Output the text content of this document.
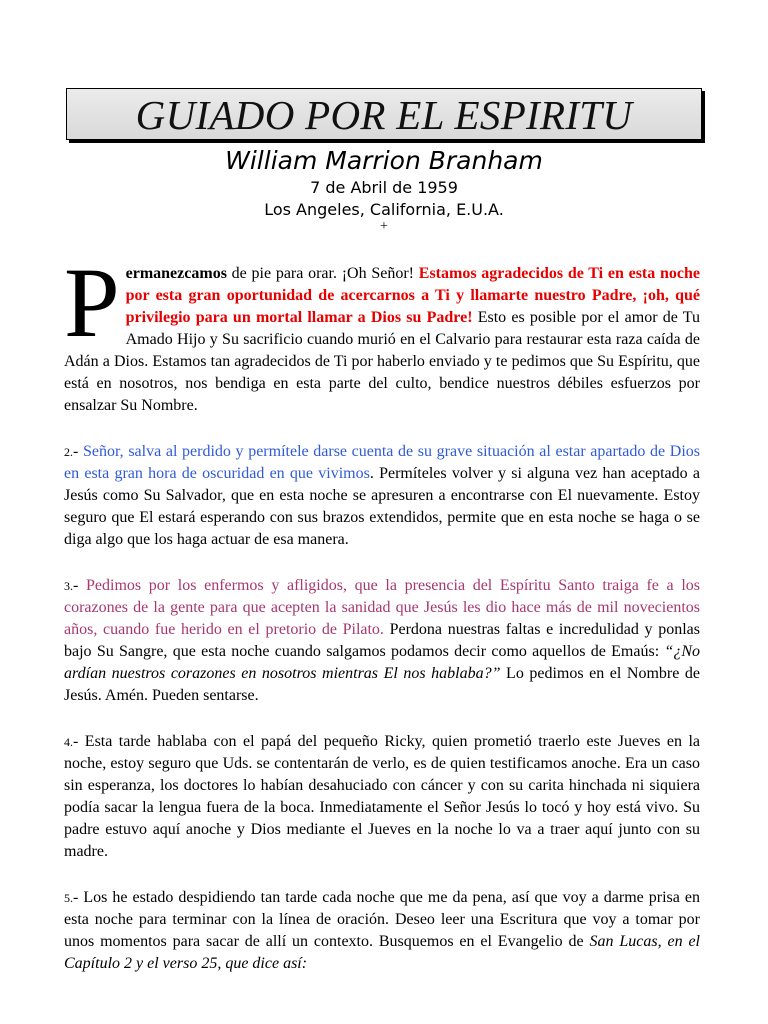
GUIADO POR EL ESPIRITU
William Marrion Branham
7 de Abril de 1959
Los Angeles, California, E.U.A.
+

Permanezcamos de pie para orar. ¡Oh Señor! Estamos agradecidos de Ti en esta noche por esta gran oportunidad de acercarnos a Ti y llamarte nuestro Padre, ¡oh, qué privilegio para un mortal llamar a Dios su Padre! Esto es posible por el amor de Tu Amado Hijo y Su sacrificio cuando murió en el Calvario para restaurar esta raza caída de Adán a Dios. Estamos tan agradecidos de Ti por haberlo enviado y te pedimos que Su Espíritu, que está en nosotros, nos bendiga en esta parte del culto, bendice nuestros débiles esfuerzos por ensalzar Su Nombre.

2.- Señor, salva al perdido y permítele darse cuenta de su grave situación al estar apartado de Dios en esta gran hora de oscuridad en que vivimos. Permíteles volver y si alguna vez han aceptado a Jesús como Su Salvador, que en esta noche se apresuren a encontrarse con El nuevamente. Estoy seguro que El estará esperando con sus brazos extendidos, permite que en esta noche se haga o se diga algo que los haga actuar de esa manera.

3.- Pedimos por los enfermos y afligidos, que la presencia del Espíritu Santo traiga fe a los corazones de la gente para que acepten la sanidad que Jesús les dio hace más de mil novecientos años, cuando fue herido en el pretorio de Pilato. Perdona nuestras faltas e incredulidad y ponlas bajo Su Sangre, que esta noche cuando salgamos podamos decir como aquellos de Emaús: “¿No ardían nuestros corazones en nosotros mientras El nos hablaba?” Lo pedimos en el Nombre de Jesús. Amén. Pueden sentarse.

4.- Esta tarde hablaba con el papá del pequeño Ricky, quien prometió traerlo este Jueves en la noche, estoy seguro que Uds. se contentarán de verlo, es de quien testificamos anoche. Era un caso sin esperanza, los doctores lo habían desahuciado con cáncer y con su carita hinchada ni siquiera podía sacar la lengua fuera de la boca. Inmediatamente el Señor Jesús lo tocó y hoy está vivo. Su padre estuvo aquí anoche y Dios mediante el Jueves en la noche lo va a traer aquí junto con su madre.

5.- Los he estado despidiendo tan tarde cada noche que me da pena, así que voy a darme prisa en esta noche para terminar con la línea de oración. Deseo leer una Escritura que voy a tomar por unos momentos para sacar de allí un contexto. Busquemos en el Evangelio de San Lucas, en el Capítulo 2 y el verso 25, que dice así:
